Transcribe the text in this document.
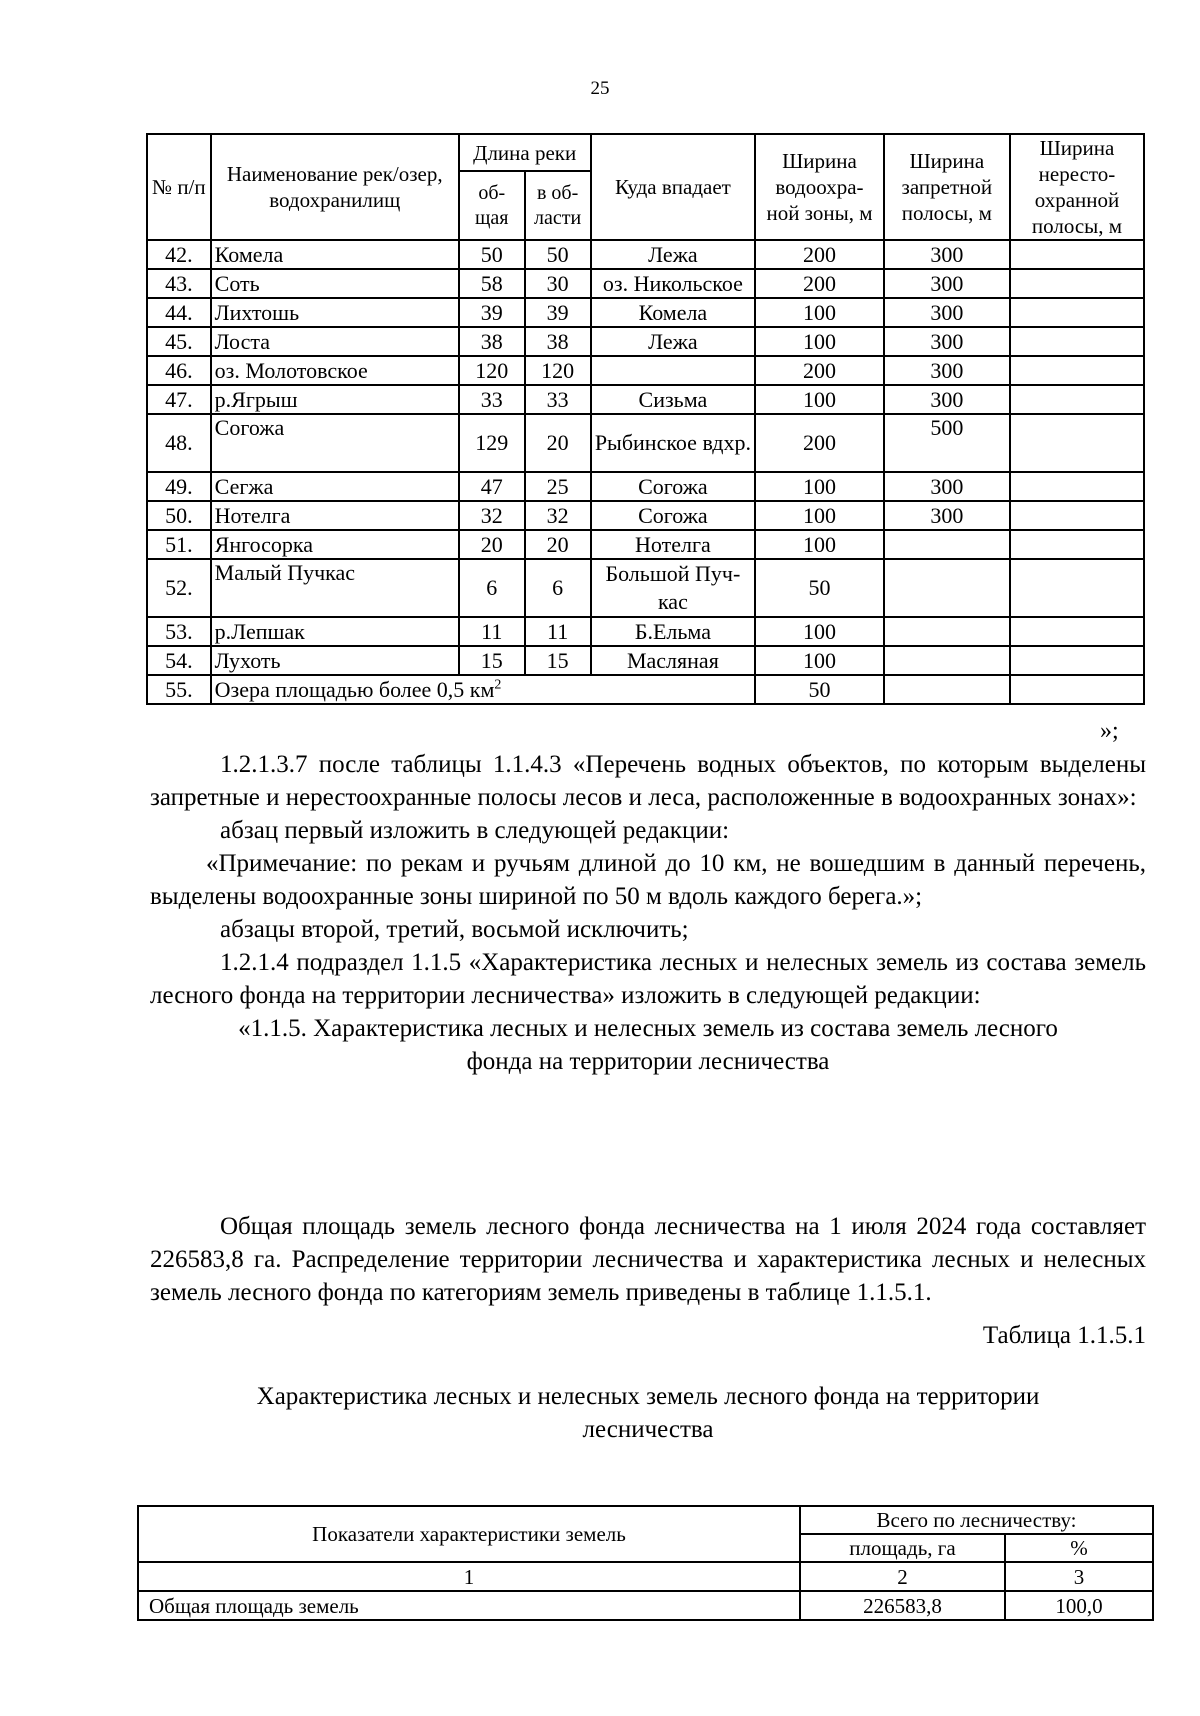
25
№ п/п	Наименование рек/озер, водохранилищ	Длина реки		Куда впадает	Ширина водоохра-ной зоны, м	Ширина запретной полосы, м	Ширина нересто-охранной полосы, м
		об-щая	в об-ласти				
42.	Комела	50	50	Лежа	200	300	
43.	Соть	58	30	оз. Никольское	200	300	
44.	Лихтошь	39	39	Комела	100	300	
45.	Лоста	38	38	Лежа	100	300	
46.	оз. Молотовское	120	120		200	300	
47.	р.Ягрыш	33	33	Сизьма	100	300	
48.	Согожа	129	20	Рыбинское вдхр.	200	500	
49.	Сегжа	47	25	Согожа	100	300	
50.	Нотелга	32	32	Согожа	100	300	
51.	Янгосорка	20	20	Нотелга	100		
52.	Малый Пучкас	6	6	Большой Пуч-кас	50		
53.	р.Лепшак	11	11	Б.Ельма	100		
54.	Лухоть	15	15	Масляная	100		
55.	Озера площадью более 0,5 $км^2$				50		
»;

1.2.1.3.7 после таблицы 1.1.4.3 «Перечень водных объектов, по которым выделены запретные и нерестоохранные полосы лесов и леса, расположенные в водоохранных зонах»:

абзац первый изложить в следующей редакции:

«Примечание: по рекам и ручьям длиной до 10 км, не вошедшим в данный перечень, выделены водоохранные зоны шириной по 50 м вдоль каждого берега.»;

абзацы второй, третий, восьмой исключить;

1.2.1.4 подраздел 1.1.5 «Характеристика лесных и нелесных земель из состава земель лесного фонда на территории лесничества» изложить в следующей редакции:

«1.1.5. Характеристика лесных и нелесных земель из состава земель лесного

фонда на территории лесничества

Общая площадь земель лесного фонда лесничества на 1 июля 2024 года составляет 226583,8 га. Распределение территории лесничества и характеристика лесных и нелесных земель лесного фонда по категориям земель приведены в таблице 1.1.5.1.

Таблица 1.1.5.1

Характеристика лесных и нелесных земель лесного фонда на территории

лесничества

Показатели характеристики земель	Всего по лесничеству:	
	площадь, га	%
1	2	3
Общая площадь земель	226583,8	100,0
